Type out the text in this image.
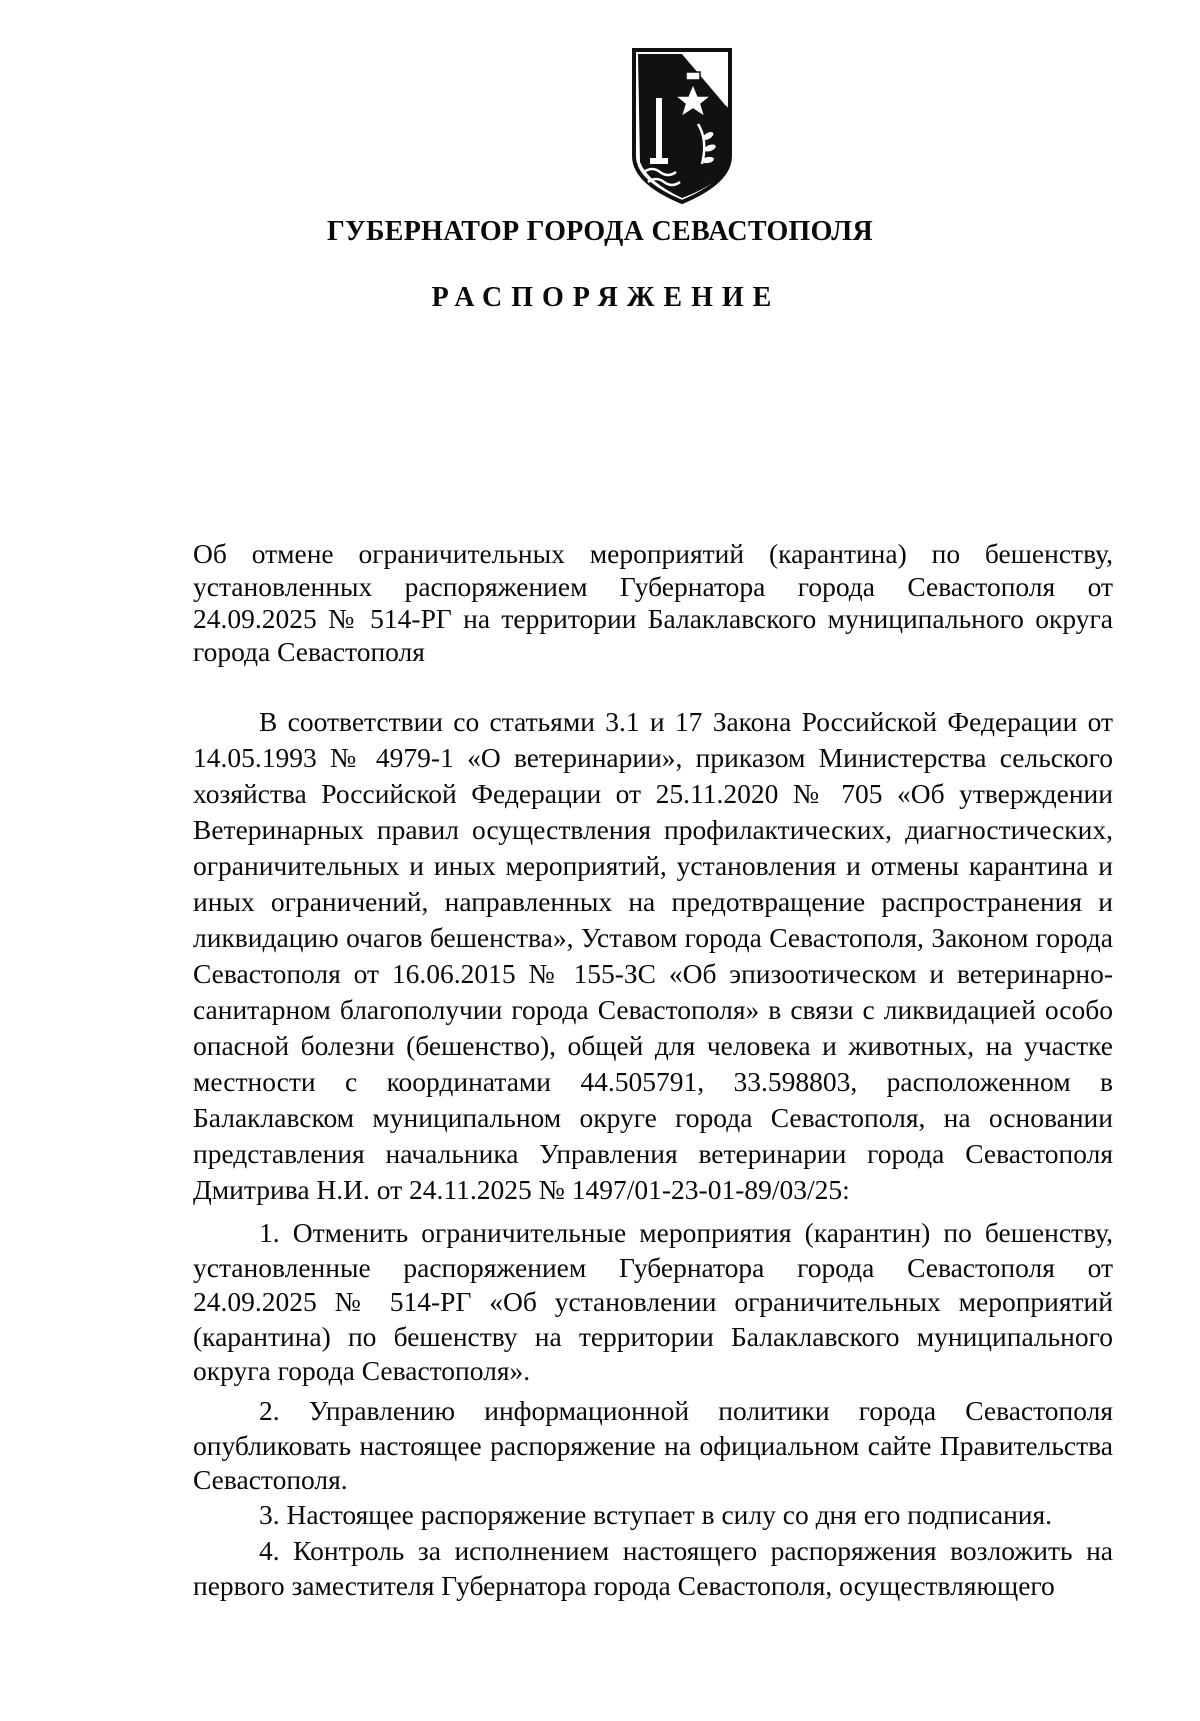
ГУБЕРНАТОР ГОРОДА СЕВАСТОПОЛЯ
РАСПОРЯЖЕНИЕ

Об отмене ограничительных мероприятий (карантина) по бешенству, установленных распоряжением Губернатора города Севастополя от 24.09.2025 № 514-РГ на территории Балаклавского муниципального округа города Севастополя

В соответствии со статьями 3.1 и 17 Закона Российской Федерации от 14.05.1993 № 4979-1 «О ветеринарии», приказом Министерства сельского хозяйства Российской Федерации от 25.11.2020 № 705 «Об утверждении Ветеринарных правил осуществления профилактических, диагностических, ограничительных и иных мероприятий, установления и отмены карантина и иных ограничений, направленных на предотвращение распространения и ликвидацию очагов бешенства», Уставом города Севастополя, Законом города Севастополя от 16.06.2015 № 155-ЗС «Об эпизоотическом и ветеринарно-санитарном благополучии города Севастополя» в связи с ликвидацией особо опасной болезни (бешенство), общей для человека и животных, на участке местности с координатами 44.505791, 33.598803, расположенном в Балаклавском муниципальном округе города Севастополя, на основании представления начальника Управления ветеринарии города Севастополя Дмитрива Н.И. от 24.11.2025 № 1497/01-23-01-89/03/25:

1. Отменить ограничительные мероприятия (карантин) по бешенству, установленные распоряжением Губернатора города Севастополя от 24.09.2025 № 514-РГ «Об установлении ограничительных мероприятий (карантина) по бешенству на территории Балаклавского муниципального округа города Севастополя».

2. Управлению информационной политики города Севастополя опубликовать настоящее распоряжение на официальном сайте Правительства Севастополя.

3. Настоящее распоряжение вступает в силу со дня его подписания.

4. Контроль за исполнением настоящего распоряжения возложить на первого заместителя Губернатора города Севастополя, осуществляющего
